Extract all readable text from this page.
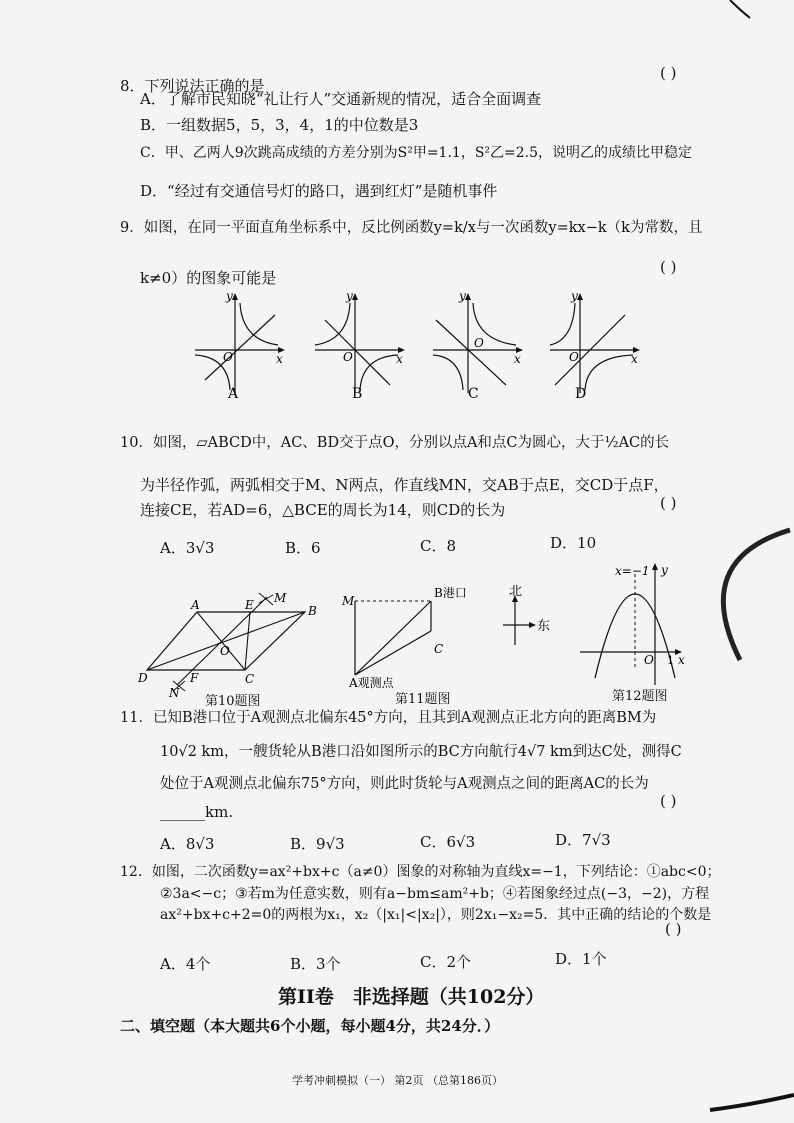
8．下列说法正确的是
( )
A．了解市民知晓“礼让行人”交通新规的情况，适合全面调查
B．一组数据5，5，3，4，1的中位数是3
C．甲、乙两人9次跳高成绩的方差分别为S²甲=1.1，S²乙=2.5，说明乙的成绩比甲稳定
D．“经过有交通信号灯的路口，遇到红灯”是随机事件
9．如图，在同一平面直角坐标系中，反比例函数y=k/x与一次函数y=kx−k（k为常数，且
k≠0）的图象可能是
( )
O
y
x
A
O
y
x
B
O
y
x
C
O
y
x
D
10．如图，▱ABCD中，AC、BD交于点O，分别以点A和点C为圆心，大于½AC的长
为半径作弧，两弧相交于M、N两点，作直线MN，交AB于点E，交CD于点F，
连接CE，若AD=6，△BCE的周长为14，则CD的长为	( )
A．3√3	B．6	C．8	D．10
A	B
C
D
E
F
M
N
O
第10题图
M
B港口
C
A观测点
第11题图
北
东
x=−1 y
O 1 x
第12题图
11．已知B港口位于A观测点北偏东45°方向，且其到A观测点正北方向的距离BM为
10√2 km，一艘货轮从B港口沿如图所示的BC方向航行4√7 km到达C处，测得C
处位于A观测点北偏东75°方向，则此时货轮与A观测点之间的距离AC的长为
______km.
( )
A．8√3	B．9√3	C．6√3	D．7√3
12．如图，二次函数y=ax²+bx+c（a≠0）图象的对称轴为直线x=−1，下列结论：①abc<0；
②3a<−c；③若m为任意实数，则有a−bm≤am²+b；④若图象经过点(−3，−2)，方程
ax²+bx+c+2=0的两根为x₁，x₂（|x₁|<|x₂|），则2x₁−x₂=5．其中正确的结论的个数是
( )
A．4个	B．3个	C．2个	D．1个
第II卷　非选择题（共102分）
二、填空题（本大题共6个小题，每小题4分，共24分．）
学考冲刺模拟（一） 第2页 （总第186页）
